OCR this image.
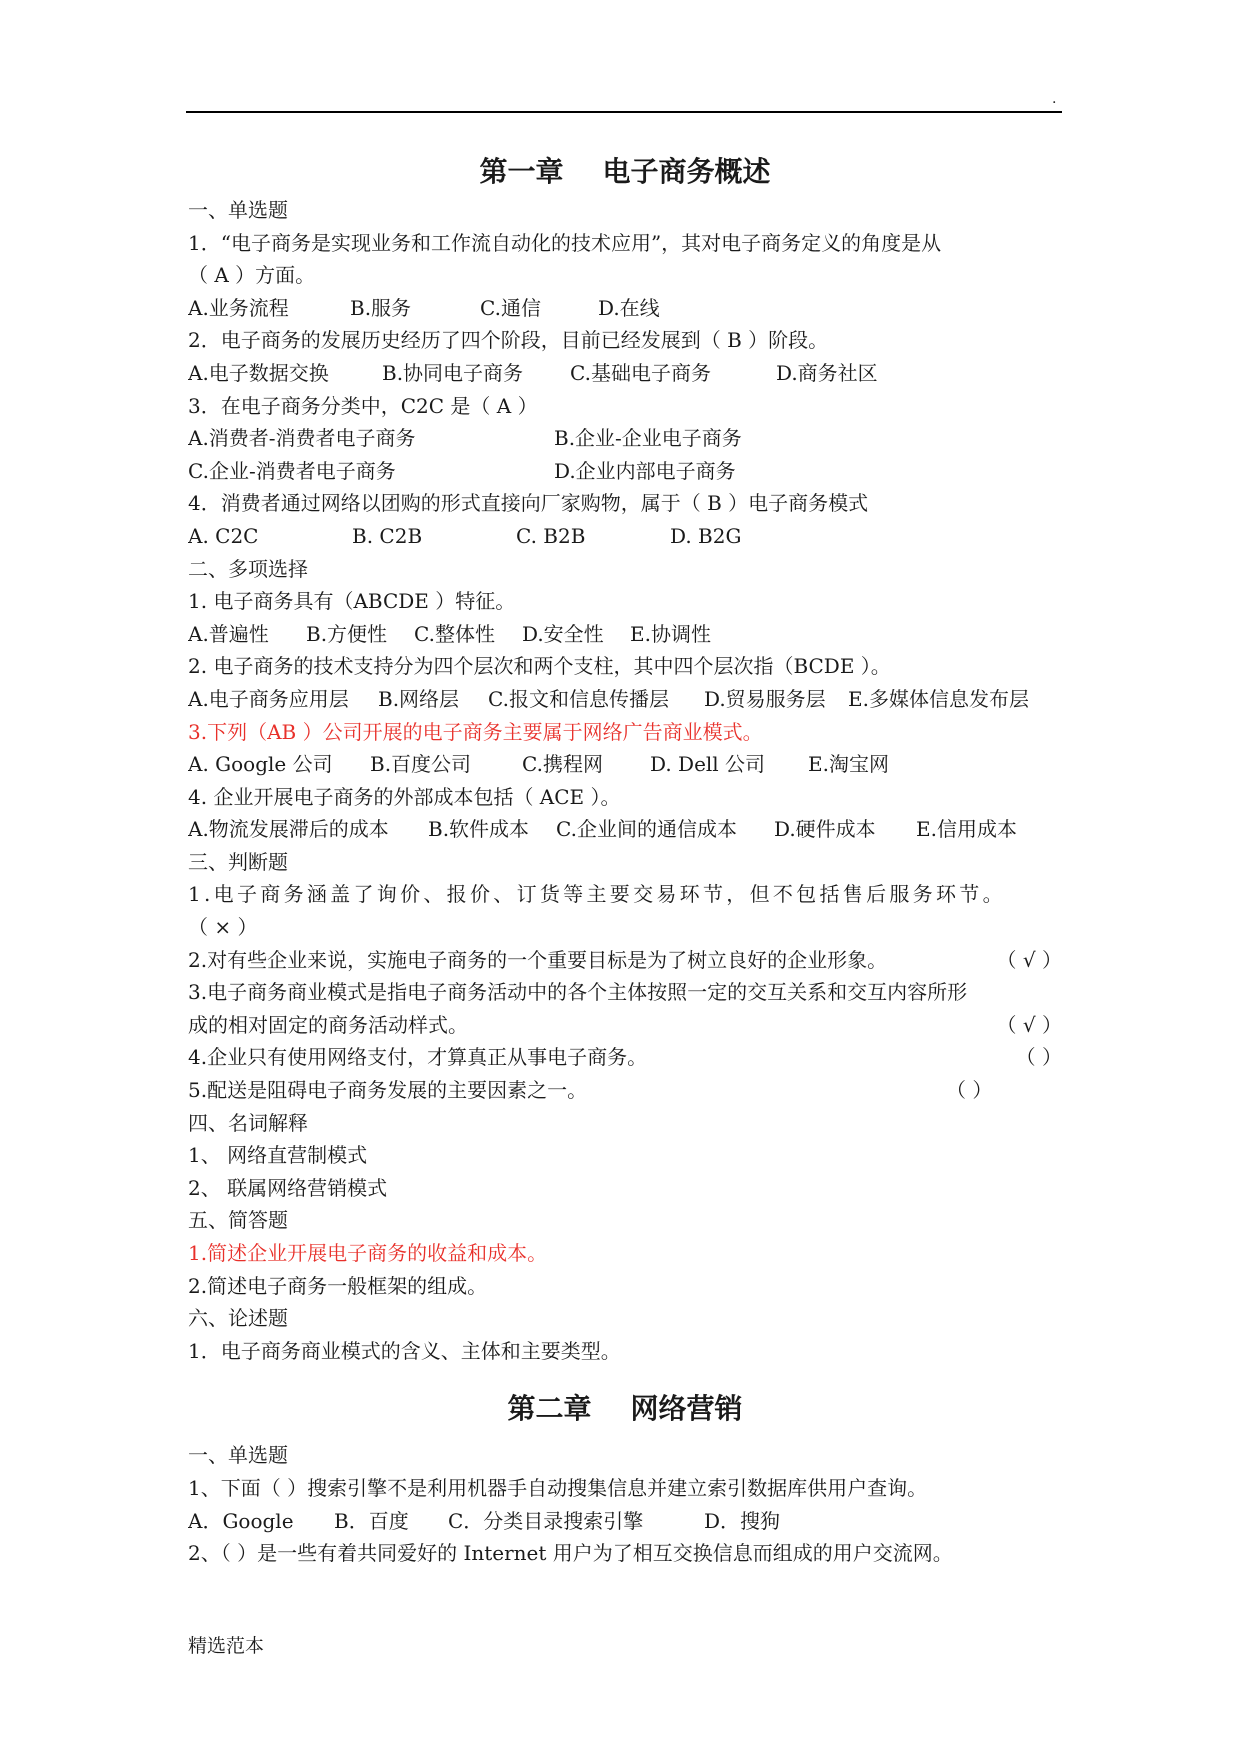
.
第一章    电子商务概述
一、单选题
1．“电子商务是实现业务和工作流自动化的技术应用”，其对电子商务定义的角度是从
（ A ）方面。
A.业务流程	B.服务	C.通信	D.在线
2．电子商务的发展历史经历了四个阶段，目前已经发展到（ B ）阶段。
A.电子数据交换	B.协同电子商务 C.基础电子商务	D.商务社区
3．在电子商务分类中，C2C 是（ A ）
A.消费者-消费者电子商务	B.企业-企业电子商务
C.企业-消费者电子商务	D.企业内部电子商务
4．消费者通过网络以团购的形式直接向厂家购物，属于（ B ）电子商务模式
A. C2C	B. C2B	C. B2B	D. B2G
二、多项选择
1. 电子商务具有（ABCDE ）特征。
A.普遍性 B.方便性 C.整体性 D.安全性 E.协调性
2. 电子商务的技术支持分为四个层次和两个支柱，其中四个层次指（BCDE ）。
A.电子商务应用层 B.网络层 C.报文和信息传播层 D.贸易服务层 E.多媒体信息发布层
3.下列（AB ）公司开展的电子商务主要属于网络广告商业模式。
A. Google 公司 B.百度公司	C.携程网 D. Dell 公司 E.淘宝网
4. 企业开展电子商务的外部成本包括（ ACE ）。
A.物流发展滞后的成本 B.软件成本 C.企业间的通信成本 D.硬件成本 E.信用成本
三、判断题
1.电子商务涵盖了询价、报价、订货等主要交易环节，但不包括售后服务环节。
（ × ）
2.对有些企业来说，实施电子商务的一个重要目标是为了树立良好的企业形象。	（ √ ）
3.电子商务商业模式是指电子商务活动中的各个主体按照一定的交互关系和交互内容所形
成的相对固定的商务活动样式。	（ √ ）
4.企业只有使用网络支付，才算真正从事电子商务。	（ ）
5.配送是阻碍电子商务发展的主要因素之一。	（ ）
四、名词解释
1、 网络直营制模式
2、 联属网络营销模式
五、简答题
1.简述企业开展电子商务的收益和成本。
2.简述电子商务一般框架的组成。
六、论述题
1．电子商务商业模式的含义、主体和主要类型。
第二章    网络营销
一、单选题
1、下面（ ）搜索引擎不是利用机器手自动搜集信息并建立索引数据库供用户查询。
A．Google B．百度 C．分类目录搜索引擎	D．搜狗
2、（ ）是一些有着共同爱好的 Internet 用户为了相互交换信息而组成的用户交流网。
精选范本
